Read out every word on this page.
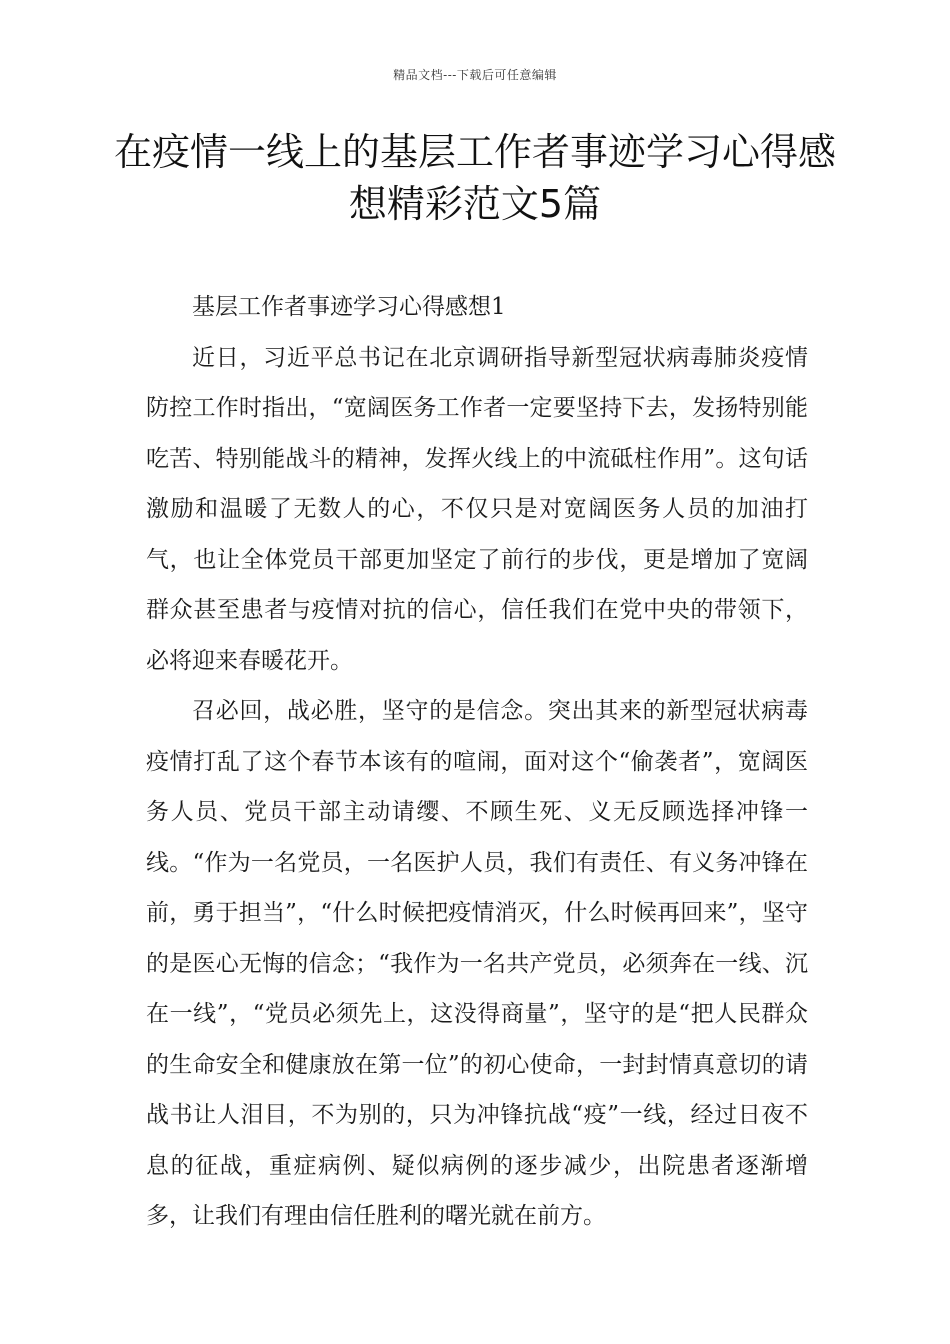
精品文档---下载后可任意编辑
在疫情一线上的基层工作者事迹学习心得感想精彩范文5篇

基层工作者事迹学习心得感想1

近日，习近平总书记在北京调研指导新型冠状病毒肺炎疫情防控工作时指出，“宽阔医务工作者一定要坚持下去，发扬特别能吃苦、特别能战斗的精神，发挥火线上的中流砥柱作用”。这句话激励和温暖了无数人的心，不仅只是对宽阔医务人员的加油打气，也让全体党员干部更加坚定了前行的步伐，更是增加了宽阔群众甚至患者与疫情对抗的信心，信任我们在党中央的带领下，必将迎来春暖花开。

召必回，战必胜，坚守的是信念。突出其来的新型冠状病毒疫情打乱了这个春节本该有的喧闹，面对这个“偷袭者”，宽阔医务人员、党员干部主动请缨、不顾生死、义无反顾选择冲锋一线。“作为一名党员，一名医护人员，我们有责任、有义务冲锋在前，勇于担当”，“什么时候把疫情消灭，什么时候再回来”，坚守的是医心无悔的信念；“我作为一名共产党员，必须奔在一线、沉在一线”，“党员必须先上，这没得商量”，坚守的是“把人民群众的生命安全和健康放在第一位”的初心使命，一封封情真意切的请战书让人泪目，不为别的，只为冲锋抗战“疫”一线，经过日夜不息的征战，重症病例、疑似病例的逐步减少，出院患者逐渐增多，让我们有理由信任胜利的曙光就在前方。
